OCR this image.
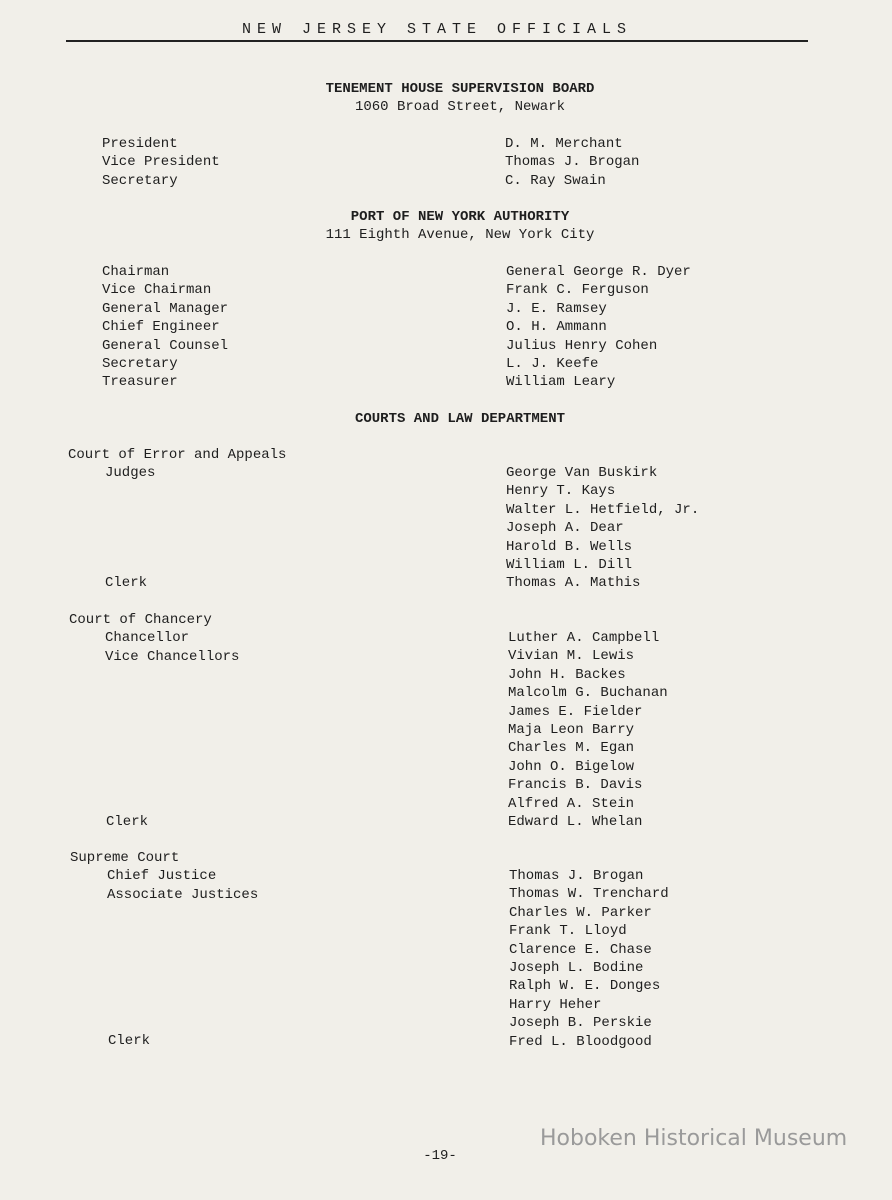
NEW JERSEY STATE OFFICIALS
TENEMENT HOUSE SUPERVISION BOARD
1060 Broad Street, Newark
President
Vice President
Secretary
D. M. Merchant
Thomas J. Brogan
C. Ray Swain
PORT OF NEW YORK AUTHORITY
111 Eighth Avenue, New York City
Chairman
Vice Chairman
General Manager
Chief Engineer
General Counsel
Secretary
Treasurer
General George R. Dyer
Frank C. Ferguson
J. E. Ramsey
O. H. Ammann
Julius Henry Cohen
L. J. Keefe
William Leary
COURTS AND LAW DEPARTMENT
Court of Error and Appeals
Judges	George Van Buskirk
Henry T. Kays
Walter L. Hetfield, Jr.
Joseph A. Dear
Harold B. Wells
William L. Dill
Thomas A. Mathis
Clerk
Court of Chancery
Chancellor
Vice Chancellors
Luther A. Campbell
Vivian M. Lewis
John H. Backes
Malcolm G. Buchanan
James E. Fielder
Maja Leon Barry
Charles M. Egan
John O. Bigelow
Francis B. Davis
Alfred A. Stein
Edward L. Whelan
Clerk
Supreme Court
Chief Justice
Associate Justices
Thomas J. Brogan
Thomas W. Trenchard
Charles W. Parker
Frank T. Lloyd
Clarence E. Chase
Joseph L. Bodine
Ralph W. E. Donges
Harry Heher
Joseph B. Perskie
Fred L. Bloodgood
Clerk
-19-
Hoboken Historical Museum
